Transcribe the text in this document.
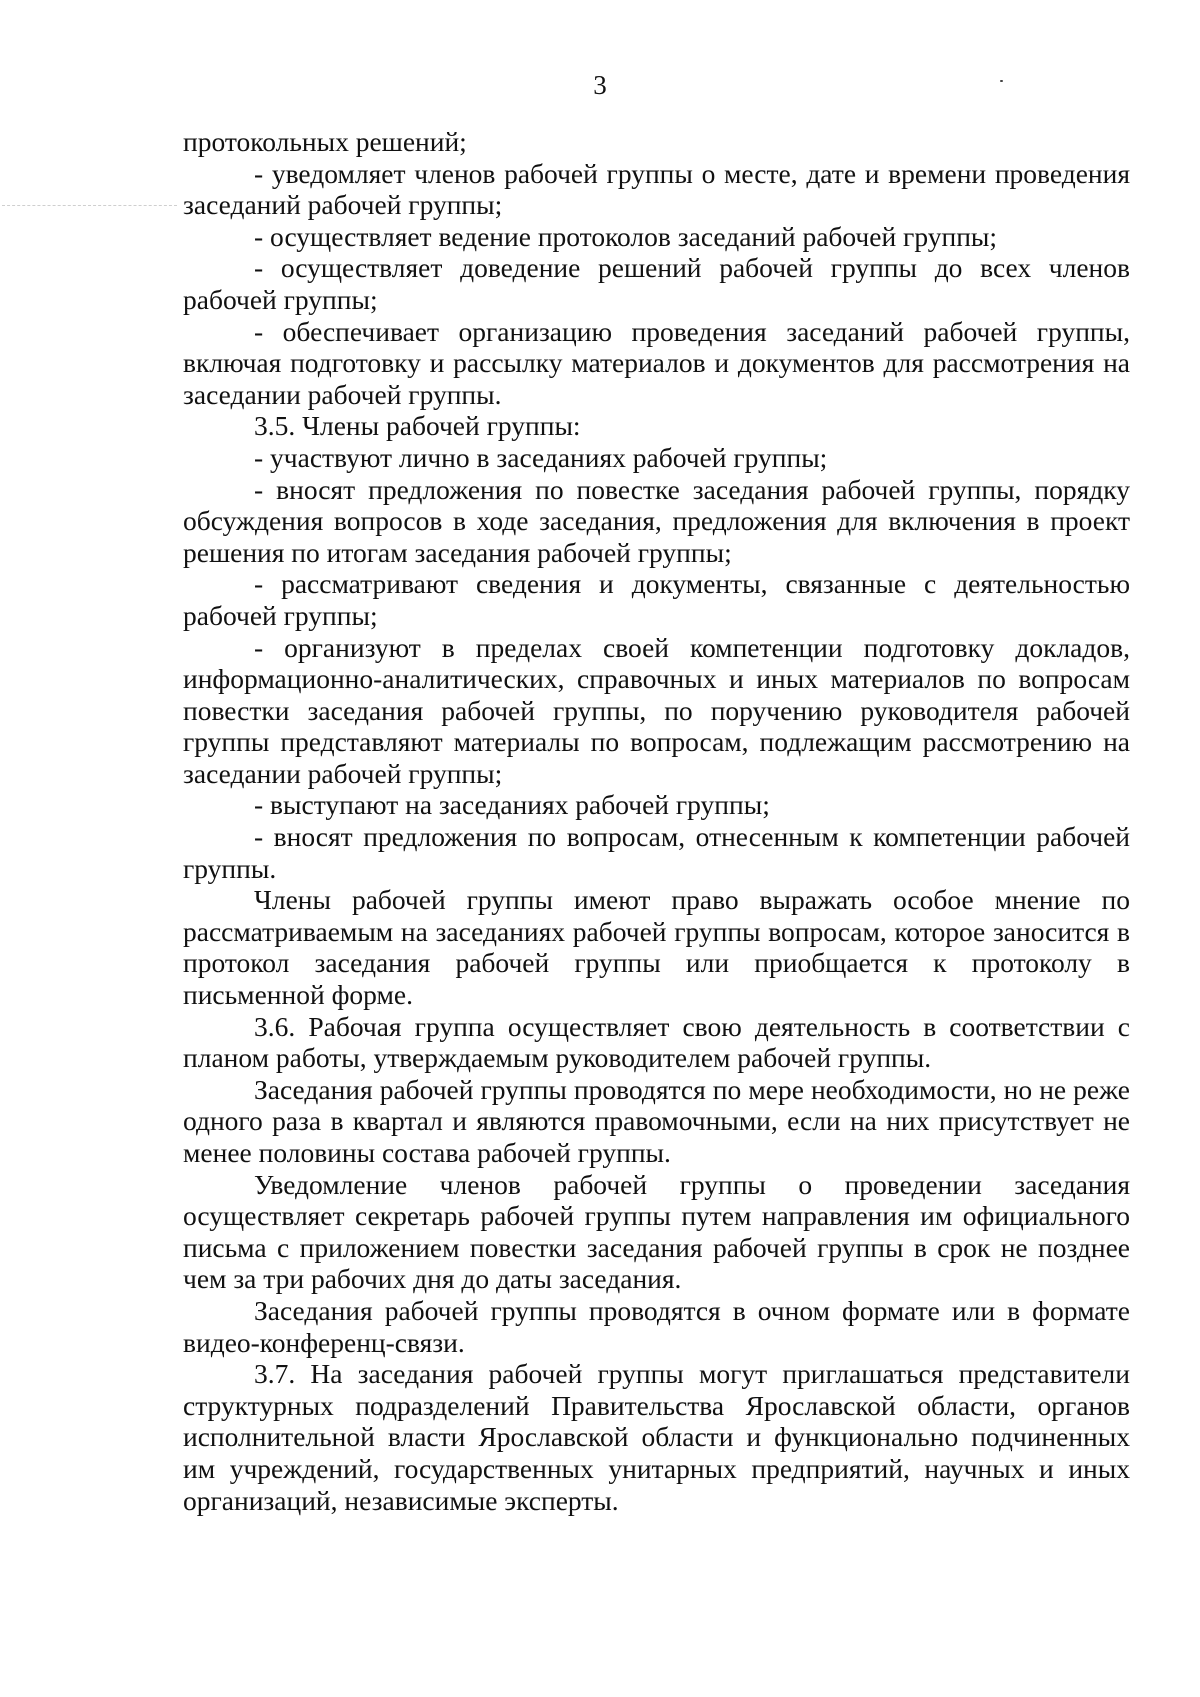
3

протокольных решений;

- уведомляет членов рабочей группы о месте, дате и времени проведения заседаний рабочей группы;

- осуществляет ведение протоколов заседаний рабочей группы;

- осуществляет доведение решений рабочей группы до всех членов рабочей группы;

- обеспечивает организацию проведения заседаний рабочей группы, включая подготовку и рассылку материалов и документов для рассмотрения на заседании рабочей группы.

3.5. Члены рабочей группы:

- участвуют лично в заседаниях рабочей группы;

- вносят предложения по повестке заседания рабочей группы, порядку обсуждения вопросов в ходе заседания, предложения для включения в проект решения по итогам заседания рабочей группы;

- рассматривают сведения и документы, связанные с деятельностью рабочей группы;

- организуют в пределах своей компетенции подготовку докладов, информационно-аналитических, справочных и иных материалов по вопросам повестки заседания рабочей группы, по поручению руководителя рабочей группы представляют материалы по вопросам, подлежащим рассмотрению на заседании рабочей группы;

- выступают на заседаниях рабочей группы;

- вносят предложения по вопросам, отнесенным к компетенции рабочей группы.

Члены рабочей группы имеют право выражать особое мнение по рассматриваемым на заседаниях рабочей группы вопросам, которое заносится в протокол заседания рабочей группы или приобщается к протоколу в письменной форме.

3.6. Рабочая группа осуществляет свою деятельность в соответствии с планом работы, утверждаемым руководителем рабочей группы.

Заседания рабочей группы проводятся по мере необходимости, но не реже одного раза в квартал и являются правомочными, если на них присутствует не менее половины состава рабочей группы.

Уведомление членов рабочей группы о проведении заседания осуществляет секретарь рабочей группы путем направления им официального письма с приложением повестки заседания рабочей группы в срок не позднее чем за три рабочих дня до даты заседания.

Заседания рабочей группы проводятся в очном формате или в формате видео-конференц-связи.

3.7. На заседания рабочей группы могут приглашаться представители структурных подразделений Правительства Ярославской области, органов исполнительной власти Ярославской области и функционально подчиненных им учреждений, государственных унитарных предприятий, научных и иных организаций, независимые эксперты.
